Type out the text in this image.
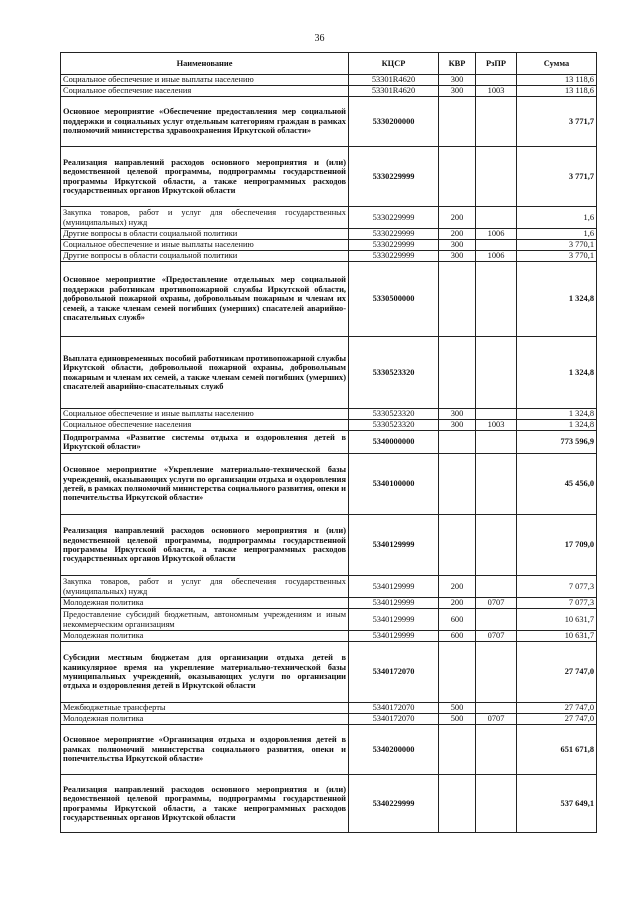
36
Наименование	КЦСР	КВР	РзПР	Сумма
Социальное обеспечение и иные выплаты населению	53301R4620	300		13 118,6
Социальное обеспечение населения	53301R4620	300	1003	13 118,6
Основное мероприятие «Обеспечение предоставления мер социальной поддержки и социальных услуг отдельным категориям граждан в рамках полномочий министерства здравоохранения Иркутской области»	5330200000			3 771,7
Реализация направлений расходов основного мероприятия и (или) ведомственной целевой программы, подпрограммы государственной программы Иркутской области, а также непрограммных расходов государственных органов Иркутской области	5330229999			3 771,7
Закупка товаров, работ и услуг для обеспечения государственных (муниципальных) нужд	5330229999	200		1,6
Другие вопросы в области социальной политики	5330229999	200	1006	1,6
Социальное обеспечение и иные выплаты населению	5330229999	300		3 770,1
Другие вопросы в области социальной политики	5330229999	300	1006	3 770,1
Основное мероприятие «Предоставление отдельных мер социальной поддержки работникам противопожарной службы Иркутской области, добровольной пожарной охраны, добровольным пожарным и членам их семей, а также членам семей погибших (умерших) спасателей аварийно-спасательных служб»	5330500000			1 324,8
Выплата единовременных пособий работникам противопожарной службы Иркутской области, добровольной пожарной охраны, добровольным пожарным и членам их семей, а также членам семей погибших (умерших) спасателей аварийно-спасательных служб	5330523320			1 324,8
Социальное обеспечение и иные выплаты населению	5330523320	300		1 324,8
Социальное обеспечение населения	5330523320	300	1003	1 324,8
Подпрограмма «Развитие системы отдыха и оздоровления детей в Иркутской области»	5340000000			773 596,9
Основное мероприятие «Укрепление материально-технической базы учреждений, оказывающих услуги по организации отдыха и оздоровления детей, в рамках полномочий министерства социального развития, опеки и попечительства Иркутской области»	5340100000			45 456,0
Реализация направлений расходов основного мероприятия и (или) ведомственной целевой программы, подпрограммы государственной программы Иркутской области, а также непрограммных расходов государственных органов Иркутской области	5340129999			17 709,0
Закупка товаров, работ и услуг для обеспечения государственных (муниципальных) нужд	5340129999	200		7 077,3
Молодежная политика	5340129999	200	0707	7 077,3
Предоставление субсидий бюджетным, автономным учреждениям и иным некоммерческим организациям	5340129999	600		10 631,7
Молодежная политика	5340129999	600	0707	10 631,7
Субсидии местным бюджетам для организации отдыха детей в каникулярное время на укрепление материально-технической базы муниципальных учреждений, оказывающих услуги по организации отдыха и оздоровления детей в Иркутской области	5340172070			27 747,0
Межбюджетные трансферты	5340172070	500		27 747,0
Молодежная политика	5340172070	500	0707	27 747,0
Основное мероприятие «Организация отдыха и оздоровления детей в рамках полномочий министерства социального развития, опеки и попечительства Иркутской области»	5340200000			651 671,8
Реализация направлений расходов основного мероприятия и (или) ведомственной целевой программы, подпрограммы государственной программы Иркутской области, а также непрограммных расходов государственных органов Иркутской области	5340229999			537 649,1
